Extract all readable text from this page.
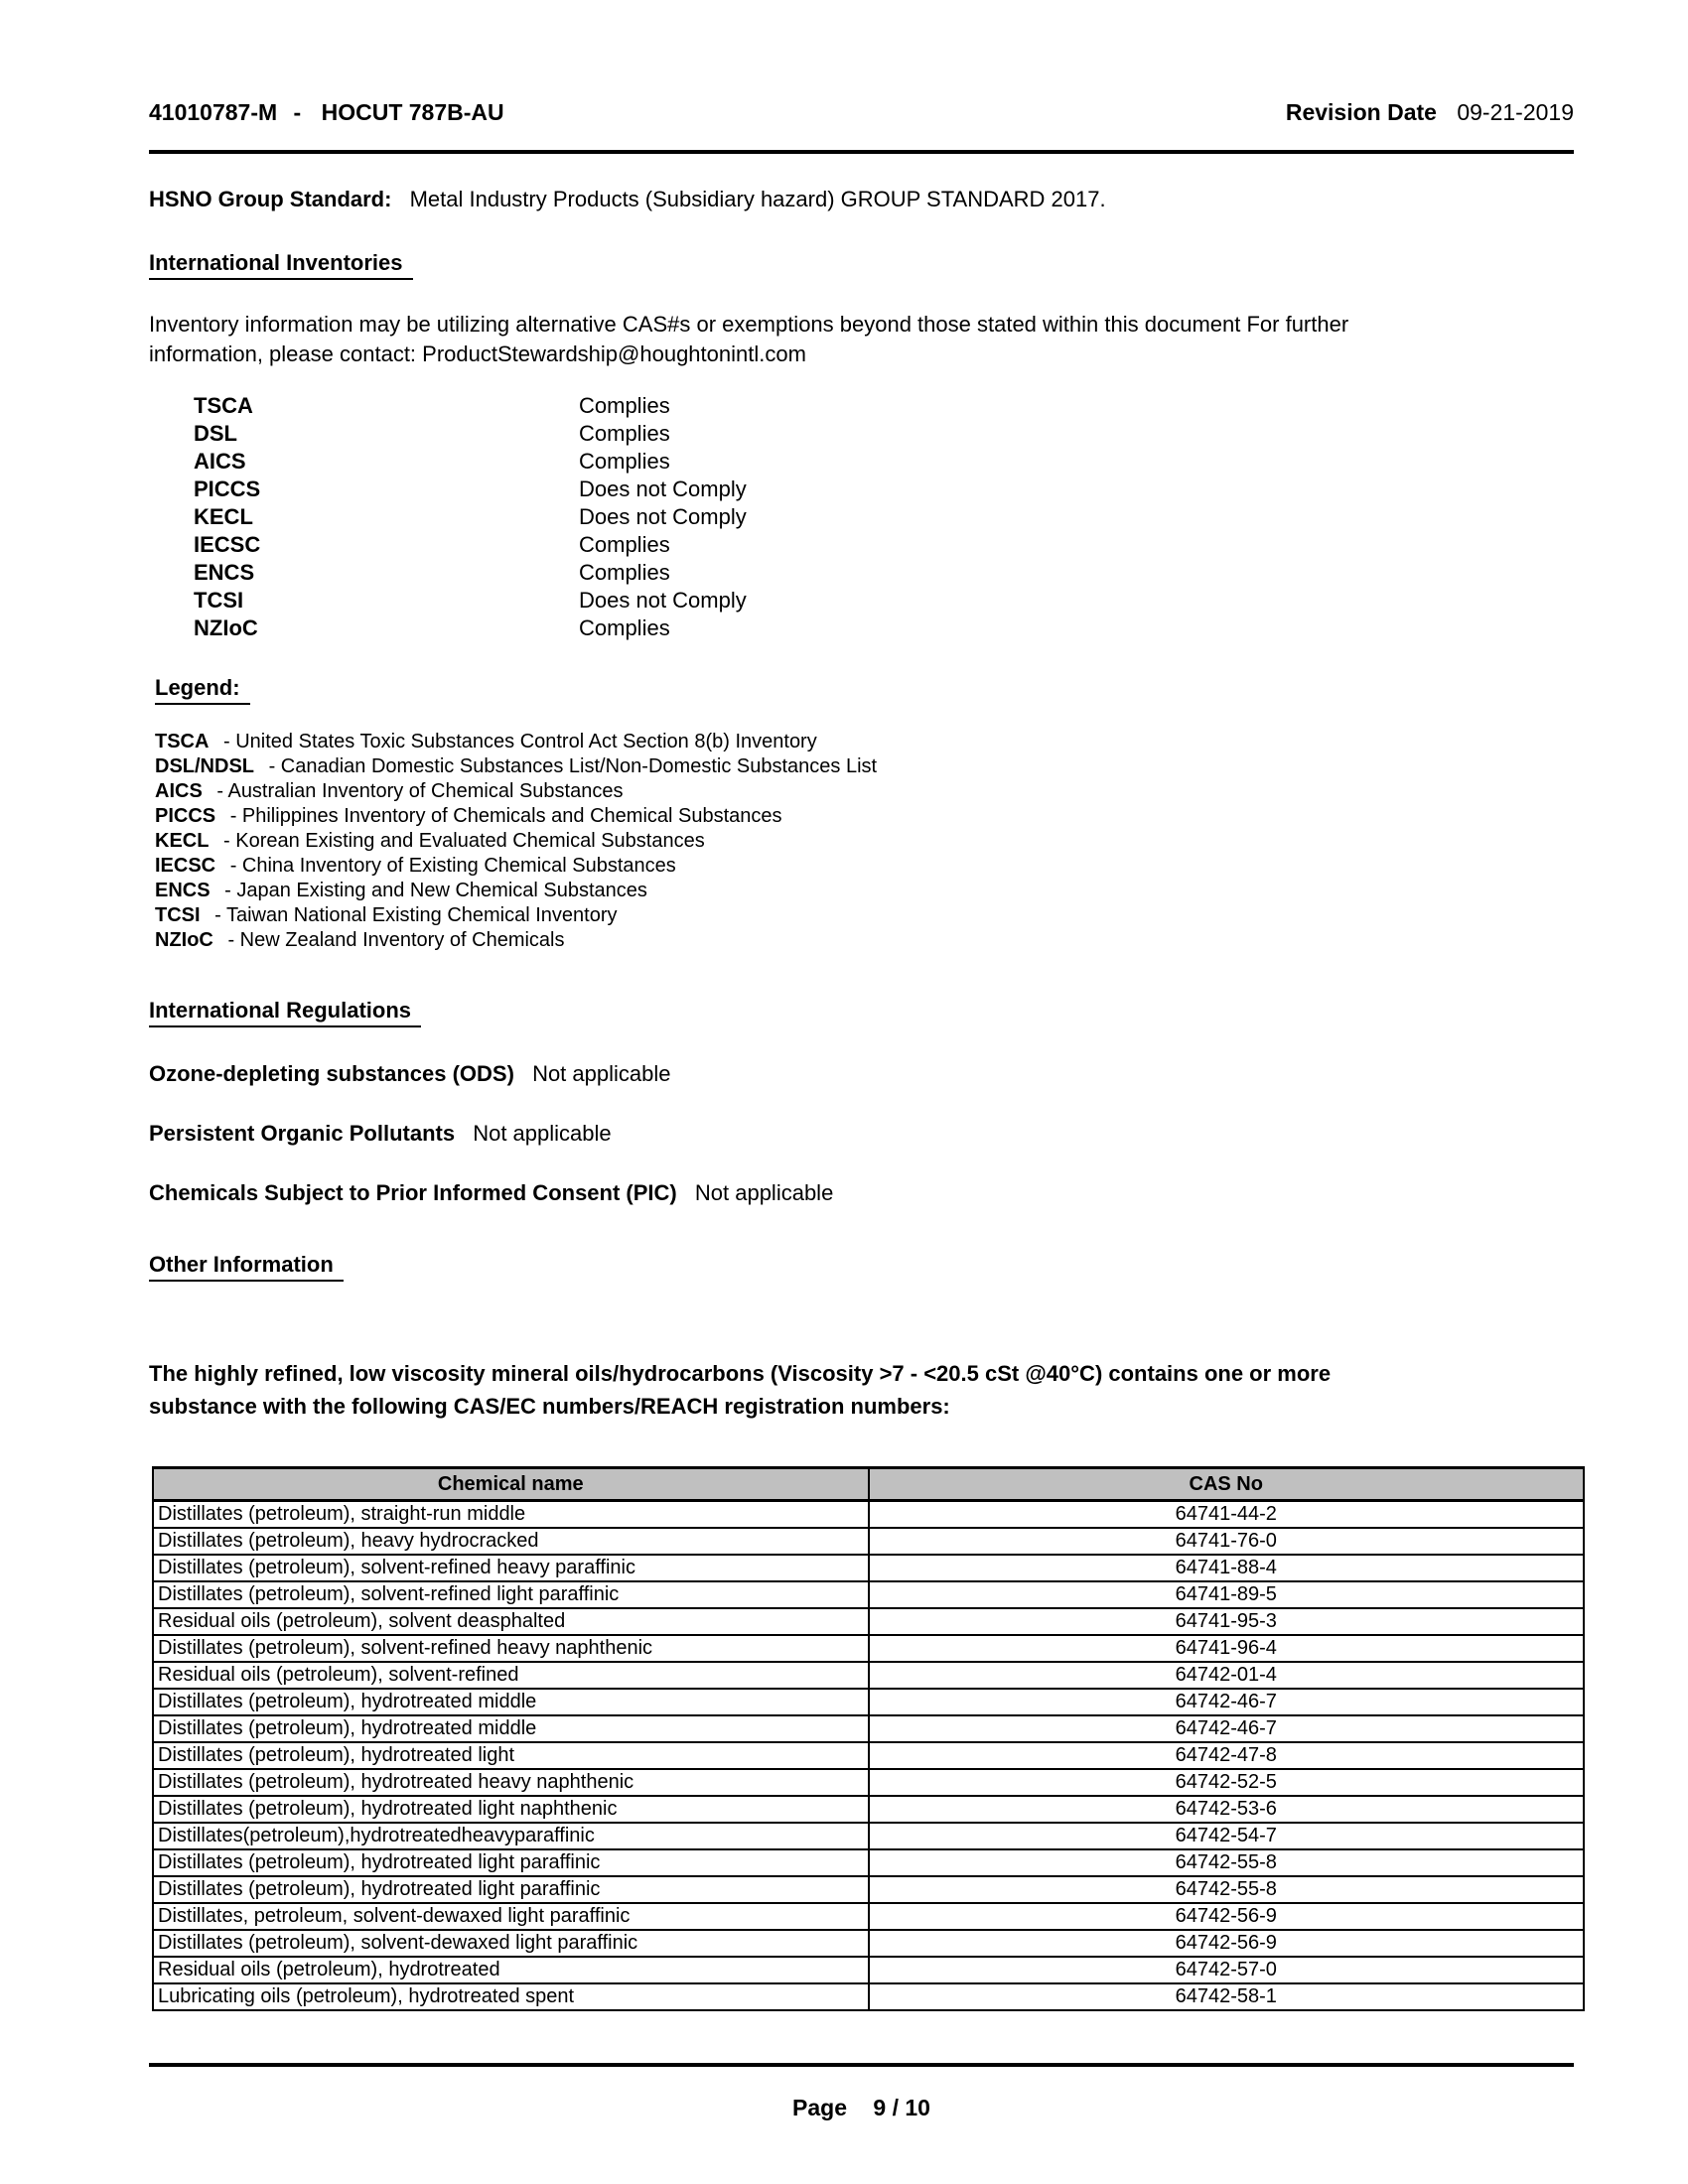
41010787-M - HOCUT 787B-AU	Revision Date 09-21-2019
HSNO Group Standard: Metal Industry Products (Subsidiary hazard) GROUP STANDARD 2017.
International Inventories
Inventory information may be utilizing alternative CAS#s or exemptions beyond those stated within this document For further
information, please contact: ProductStewardship@houghtonintl.com
TSCA	Complies
DSL	Complies
AICS	Complies
PICCS	Does not Comply
KECL	Does not Comply
IECSC	Complies
ENCS	Complies
TCSI	Does not Comply
NZIoC	Complies
Legend:
TSCA - United States Toxic Substances Control Act Section 8(b) Inventory
DSL/NDSL - Canadian Domestic Substances List/Non-Domestic Substances List
AICS - Australian Inventory of Chemical Substances
PICCS - Philippines Inventory of Chemicals and Chemical Substances
KECL - Korean Existing and Evaluated Chemical Substances
IECSC - China Inventory of Existing Chemical Substances
ENCS - Japan Existing and New Chemical Substances
TCSI - Taiwan National Existing Chemical Inventory
NZIoC - New Zealand Inventory of Chemicals
International Regulations
Ozone-depleting substances (ODS) Not applicable
Persistent Organic Pollutants Not applicable
Chemicals Subject to Prior Informed Consent (PIC) Not applicable
Other Information
The highly refined, low viscosity mineral oils/hydrocarbons (Viscosity >7 - <20.5 cSt @40°C) contains one or more
substance with the following CAS/EC numbers/REACH registration numbers:
Chemical name	CAS No
Distillates (petroleum), straight-run middle	64741-44-2
Distillates (petroleum), heavy hydrocracked	64741-76-0
Distillates (petroleum), solvent-refined heavy paraffinic	64741-88-4
Distillates (petroleum), solvent-refined light paraffinic	64741-89-5
Residual oils (petroleum), solvent deasphalted	64741-95-3
Distillates (petroleum), solvent-refined heavy naphthenic	64741-96-4
Residual oils (petroleum), solvent-refined	64742-01-4
Distillates (petroleum), hydrotreated middle	64742-46-7
Distillates (petroleum), hydrotreated middle	64742-46-7
Distillates (petroleum), hydrotreated light	64742-47-8
Distillates (petroleum), hydrotreated heavy naphthenic	64742-52-5
Distillates (petroleum), hydrotreated light naphthenic	64742-53-6
Distillates(petroleum),hydrotreatedheavyparaffinic	64742-54-7
Distillates (petroleum), hydrotreated light paraffinic	64742-55-8
Distillates (petroleum), hydrotreated light paraffinic	64742-55-8
Distillates, petroleum, solvent-dewaxed light paraffinic	64742-56-9
Distillates (petroleum), solvent-dewaxed light paraffinic	64742-56-9
Residual oils (petroleum), hydrotreated	64742-57-0
Lubricating oils (petroleum), hydrotreated spent	64742-58-1
Page 9 / 10
